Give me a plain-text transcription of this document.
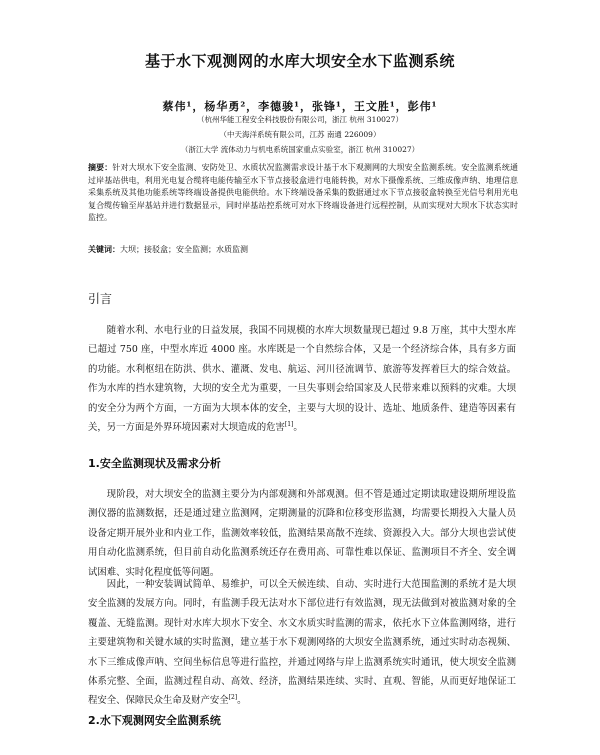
基于水下观测网的水库大坝安全水下监测系统
蔡伟¹，杨华勇²，李德骏¹，张锋¹，王文胜¹，彭伟¹
（杭州华能工程安全科技股份有限公司，浙江 杭州 310027）
（中天海洋系统有限公司，江苏 南通 226009）
（浙江大学 流体动力与机电系统国家重点实验室，浙江 杭州 310027）
摘要：针对大坝水下安全监测、安防处卫、水质状况监测需求设计基于水下观测网的大坝安全监测系统。安全监测系统通过岸基站供电，利用光电复合缆将电能传输至水下节点接驳盒进行电能转换，对水下摄像系统、三维成像声纳、地理信息采集系统及其他功能系统等终端设备提供电能供给。水下终端设备采集的数据通过水下节点接驳盒转换至光信号利用光电复合缆传输至岸基站并进行数据显示，同时岸基站控系统可对水下终端设备进行远程控制，从而实现对大坝水下状态实时监控。
关键词：大坝；接驳盒；安全监测；水质监测
引言

随着水利、水电行业的日益发展，我国不同规模的水库大坝数量现已超过 9.8 万座，其中大型水库已超过 750 座，中型水库近 4000 座。水库既是一个自然综合体，又是一个经济综合体，具有多方面的功能。水利枢纽在防洪、供水、灌溉、发电、航运、河川径流调节、旅游等发挥着巨大的综合效益。作为水库的挡水建筑物，大坝的安全尤为重要，一旦失事则会给国家及人民带来难以预料的灾难。大坝的安全分为两个方面，一方面为大坝本体的安全，主要与大坝的设计、选址、地质条件、建造等因素有关，另一方面是外界环境因素对大坝造成的危害[1]。

1.安全监测现状及需求分析

现阶段，对大坝安全的监测主要分为内部观测和外部观测。但不管是通过定期读取建设期所埋设监测仪器的监测数据，还是通过建立监测网，定期测量的沉降和位移变形监测，均需要长期投入大量人员设备定期开展外业和内业工作，监测效率较低，监测结果高散不连续、资源投入大。部分大坝也尝试使用自动化监测系统，但目前自动化监测系统还存在费用高、可靠性难以保证、监测项目不齐全、安全调试困难、实时化程度低等问题。

因此，一种安装调试简单、易维护，可以全天候连续、自动、实时进行大范围监测的系统才是大坝安全监测的发展方向。同时，有监测手段无法对水下部位进行有效监测，现无法做到对被监测对象的全覆盖、无缝监测。现针对水库大坝水下安全、水文水质实时监测的需求，依托水下立体监测网络，进行主要建筑物和关键水域的实时监测，建立基于水下观测网络的大坝安全监测系统，通过实时动态视频、水下三维成像声呐、空间坐标信息等进行监控，并通过网络与岸上监测系统实时通讯，使大坝安全监测体系完整、全面，监测过程自动、高效、经济，监测结果连续、实时、直观、智能，从而更好地保证工程安全、保障民众生命及财产安全[2]。

2.水下观测网安全监测系统
